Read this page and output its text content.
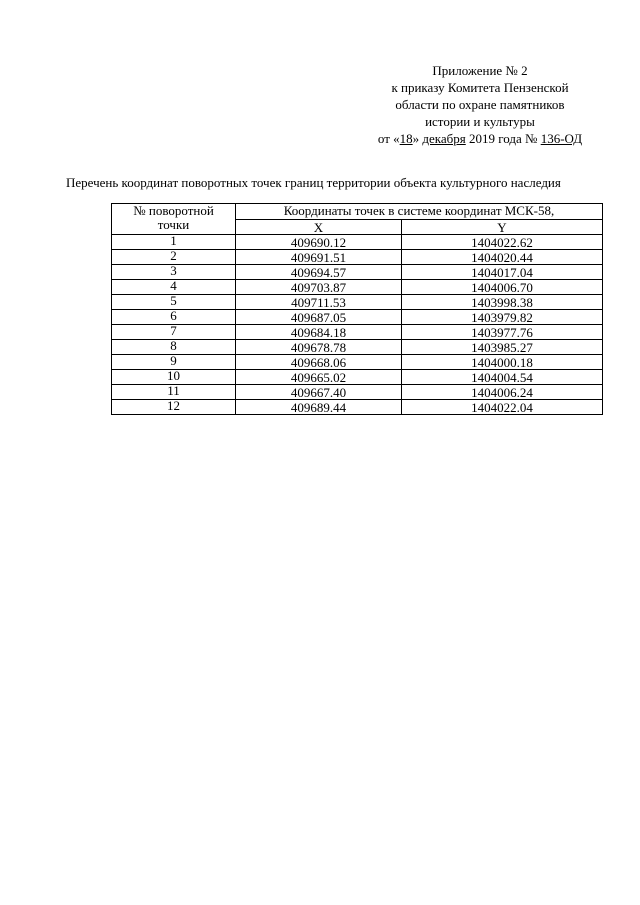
Приложение № 2
к приказу Комитета Пензенской
области по охране памятников
истории и культуры
от «18» декабря 2019 года № 136-ОД
Перечень координат поворотных точек границ территории объекта культурного наследия
№ поворотной
точки	Координаты точек в системе координат МСК-58,	
	X	Y
1	409690.12	1404022.62
2	409691.51	1404020.44
3	409694.57	1404017.04
4	409703.87	1404006.70
5	409711.53	1403998.38
6	409687.05	1403979.82
7	409684.18	1403977.76
8	409678.78	1403985.27
9	409668.06	1404000.18
10	409665.02	1404004.54
11	409667.40	1404006.24
12	409689.44	1404022.04
